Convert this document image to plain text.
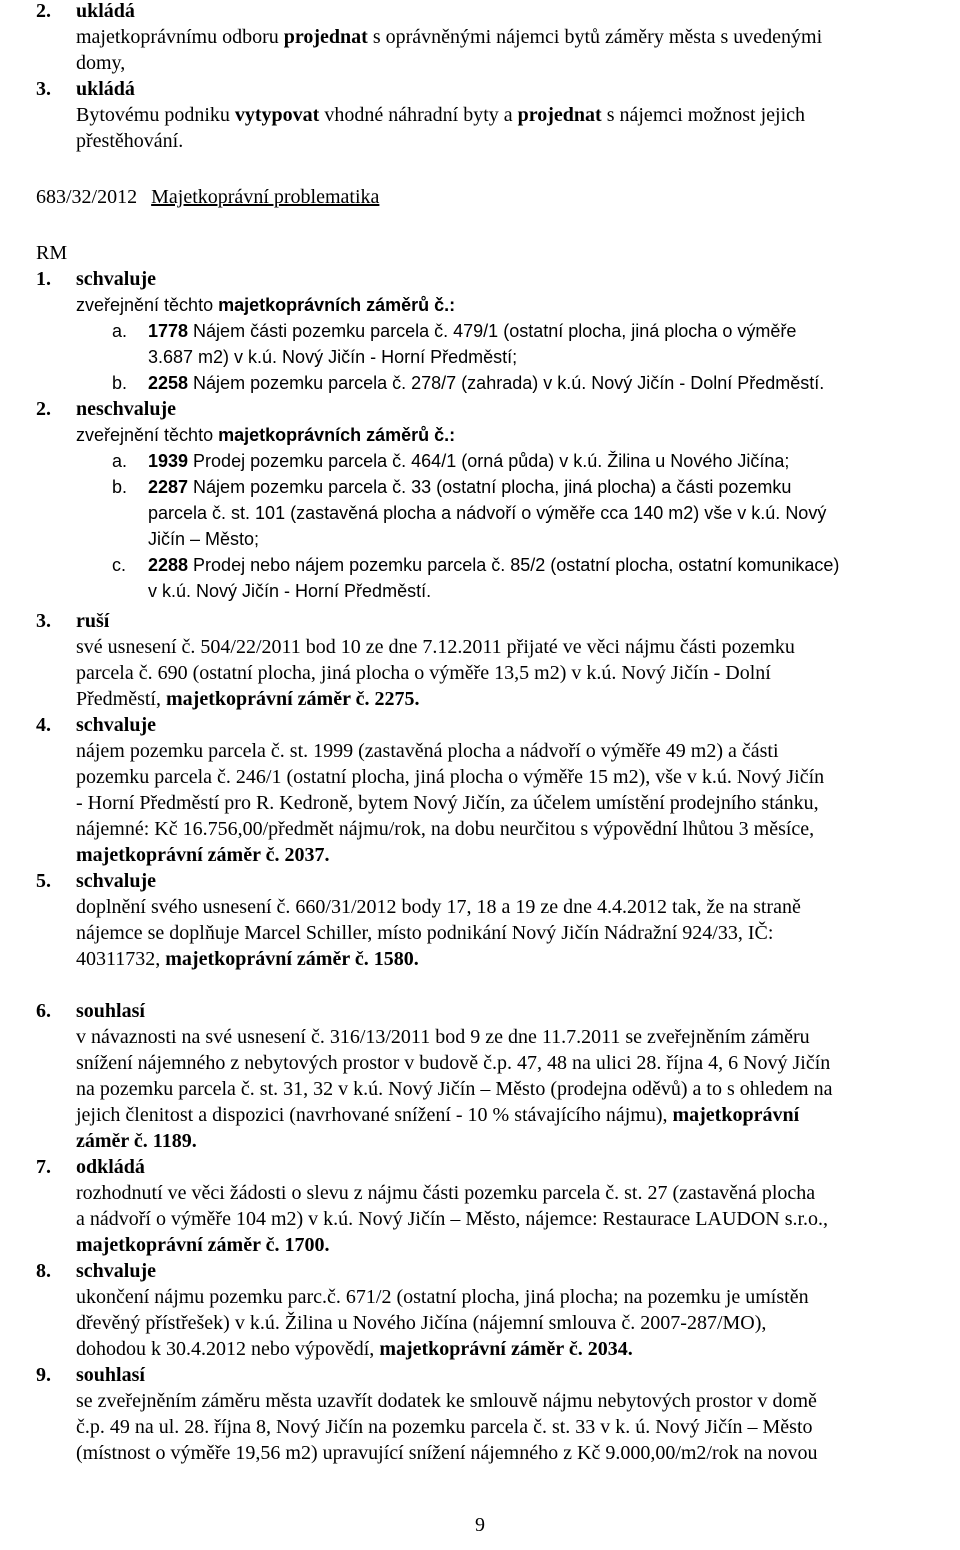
2. ukládá
majetkoprávnímu odboru projednat s oprávněnými nájemci bytů záměry města s uvedenými
domy,
3. ukládá
Bytovému podniku vytypovat vhodné náhradní byty a projednat s nájemci možnost jejich
přestěhování.
683/32/2012 Majetkoprávní problematika
RM
1. schvaluje
zveřejnění těchto majetkoprávních záměrů č.:
a. 1778 Nájem části pozemku parcela č. 479/1 (ostatní plocha, jiná plocha o výměře
3.687 m2) v k.ú. Nový Jičín - Horní Předměstí;
b. 2258 Nájem pozemku parcela č. 278/7 (zahrada) v k.ú. Nový Jičín - Dolní Předměstí.
2. neschvaluje
zveřejnění těchto majetkoprávních záměrů č.:
a. 1939 Prodej pozemku parcela č. 464/1 (orná půda) v k.ú. Žilina u Nového Jičína;
b. 2287 Nájem pozemku parcela č. 33 (ostatní plocha, jiná plocha) a části pozemku
parcela č. st. 101 (zastavěná plocha a nádvoří o výměře cca 140 m2) vše v k.ú. Nový
Jičín – Město;
c. 2288 Prodej nebo nájem pozemku parcela č. 85/2 (ostatní plocha, ostatní komunikace)
v k.ú. Nový Jičín - Horní Předměstí.
3. ruší
své usnesení č. 504/22/2011 bod 10 ze dne 7.12.2011 přijaté ve věci nájmu části pozemku
parcela č. 690 (ostatní plocha, jiná plocha o výměře 13,5 m2) v k.ú. Nový Jičín - Dolní
Předměstí, majetkoprávní záměr č. 2275.
4. schvaluje
nájem pozemku parcela č. st. 1999 (zastavěná plocha a nádvoří o výměře 49 m2) a části
pozemku parcela č. 246/1 (ostatní plocha, jiná plocha o výměře 15 m2), vše v k.ú. Nový Jičín
- Horní Předměstí pro R. Kedroně, bytem Nový Jičín, za účelem umístění prodejního stánku,
nájemné: Kč 16.756,00/předmět nájmu/rok, na dobu neurčitou s výpovědní lhůtou 3 měsíce,
majetkoprávní záměr č. 2037.
5. schvaluje
doplnění svého usnesení č. 660/31/2012 body 17, 18 a 19 ze dne 4.4.2012 tak, že na straně
nájemce se doplňuje Marcel Schiller, místo podnikání Nový Jičín Nádražní 924/33, IČ:
40311732, majetkoprávní záměr č. 1580.
6. souhlasí
v návaznosti na své usnesení č. 316/13/2011 bod 9 ze dne 11.7.2011 se zveřejněním záměru
snížení nájemného z nebytových prostor v budově č.p. 47, 48 na ulici 28. října 4, 6 Nový Jičín
na pozemku parcela č. st. 31, 32 v k.ú. Nový Jičín – Město (prodejna oděvů) a to s ohledem na
jejich členitost a dispozici (navrhované snížení - 10 % stávajícího nájmu), majetkoprávní
záměr č. 1189.
7. odkládá
rozhodnutí ve věci žádosti o slevu z nájmu části pozemku parcela č. st. 27 (zastavěná plocha
a nádvoří o výměře 104 m2) v k.ú. Nový Jičín – Město, nájemce: Restaurace LAUDON s.r.o.,
majetkoprávní záměr č. 1700.
8. schvaluje
ukončení nájmu pozemku parc.č. 671/2 (ostatní plocha, jiná plocha; na pozemku je umístěn
dřevěný přístřešek) v k.ú. Žilina u Nového Jičína (nájemní smlouva č. 2007-287/MO),
dohodou k 30.4.2012 nebo výpovědí, majetkoprávní záměr č. 2034.
9. souhlasí
se zveřejněním záměru města uzavřít dodatek ke smlouvě nájmu nebytových prostor v domě
č.p. 49 na ul. 28. října 8, Nový Jičín na pozemku parcela č. st. 33 v k. ú. Nový Jičín – Město
(místnost o výměře 19,56 m2) upravující snížení nájemného z Kč 9.000,00/m2/rok na novou
9
